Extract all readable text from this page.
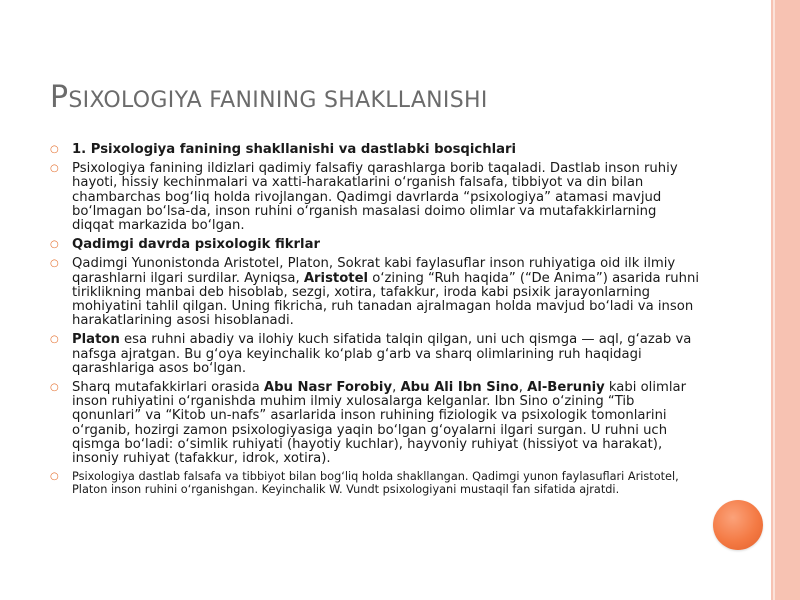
PSIXOLOGIYA FANINING SHAKLLANISHI
○ 1. Psixologiya fanining shakllanishi va dastlabki bosqichlari
○ Psixologiya fanining ildizlari qadimiy falsafiy qarashlarga borib taqaladi. Dastlab inson ruhiy hayoti, hissiy kechinmalari va xatti-harakatlarini o‘rganish falsafa, tibbiyot va din bilan chambarchas bog‘liq holda rivojlangan. Qadimgi davrlarda “psixologiya” atamasi mavjud bo‘lmagan bo‘lsa-da, inson ruhini o‘rganish masalasi doimo olimlar va mutafakkirlarning diqqat markazida bo‘lgan.
○ Qadimgi davrda psixologik fikrlar
○ Qadimgi Yunonistonda Aristotel, Platon, Sokrat kabi faylasuflar inson ruhiyatiga oid ilk ilmiy qarashlarni ilgari surdilar. Ayniqsa, Aristotel o‘zining “Ruh haqida” (“De Anima”) asarida ruhni tiriklikning manbai deb hisoblab, sezgi, xotira, tafakkur, iroda kabi psixik jarayonlarning mohiyatini tahlil qilgan. Uning fikricha, ruh tanadan ajralmagan holda mavjud bo‘ladi va inson harakatlarining asosi hisoblanadi.
○ Platon esa ruhni abadiy va ilohiy kuch sifatida talqin qilgan, uni uch qismga — aql, g‘azab va nafsga ajratgan. Bu g‘oya keyinchalik ko‘plab g‘arb va sharq olimlarining ruh haqidagi qarashlariga asos bo‘lgan.
○ Sharq mutafakkirlari orasida Abu Nasr Forobiy, Abu Ali Ibn Sino, Al-Beruniy kabi olimlar inson ruhiyatini o‘rganishda muhim ilmiy xulosalarga kelganlar. Ibn Sino o‘zining “Tib qonunlari” va “Kitob un-nafs” asarlarida inson ruhining fiziologik va psixologik tomonlarini o‘rganib, hozirgi zamon psixologiyasiga yaqin bo‘lgan g‘oyalarni ilgari surgan. U ruhni uch qismga bo‘ladi: o‘simlik ruhiyati (hayotiy kuchlar), hayvoniy ruhiyat (hissiyot va harakat), insoniy ruhiyat (tafakkur, idrok, xotira).
○ Psixologiya dastlab falsafa va tibbiyot bilan bog‘liq holda shakllangan. Qadimgi yunon faylasuflari Aristotel, Platon inson ruhini o‘rganishgan. Keyinchalik W. Vundt psixologiyani mustaqil fan sifatida ajratdi.
